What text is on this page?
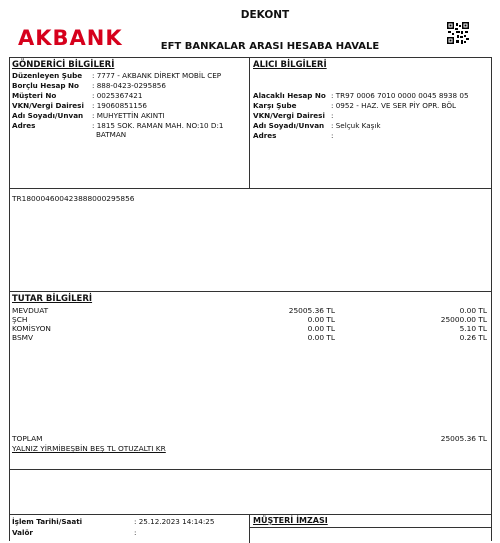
AKBANK
DEKONT
EFT BANKALAR ARASI HESABA HAVALE
GÖNDERİCİ BİLGİLERİ
Düzenleyen Şube : 7777 - AKBANK DİREKT MOBİL CEP
Borçlu Hesap No : 888-0423-0295856
Müşteri No	: 0025367421
VKN/Vergi Dairesi : 19060851156
Adı Soyadı/Unvan : MUHYETTİN AKINTI
Adres	: 1815 SOK. RAMAN MAH. NO:10 D:1
BATMAN
ALICI BİLGİLERİ
Alacaklı Hesap No : TR97 0006 7010 0000 0045 8938 05
Karşı Şube	: 0952 - HAZ. VE SER PİY OPR. BÖL
VKN/Vergi Dairesi :
Adı Soyadı/Unvan : Selçuk Kaşık
Adres	:
TR180004600423888000295856
TUTAR BİLGİLERİ
MEVDUAT	25005.36 TL	0.00 TL
ŞCH	0.00 TL	25000.00 TL
KOMİSYON	0.00 TL	5.10 TL
BSMV	0.00 TL	0.26 TL
TOPLAM	25005.36 TL
YALNIZ YİRMİBEŞBİN BEŞ TL OTUZALTI KR
İşlem Tarihi/Saati	: 25.12.2023 14:14:25
Valör	:
MÜŞTERİ İMZASI
